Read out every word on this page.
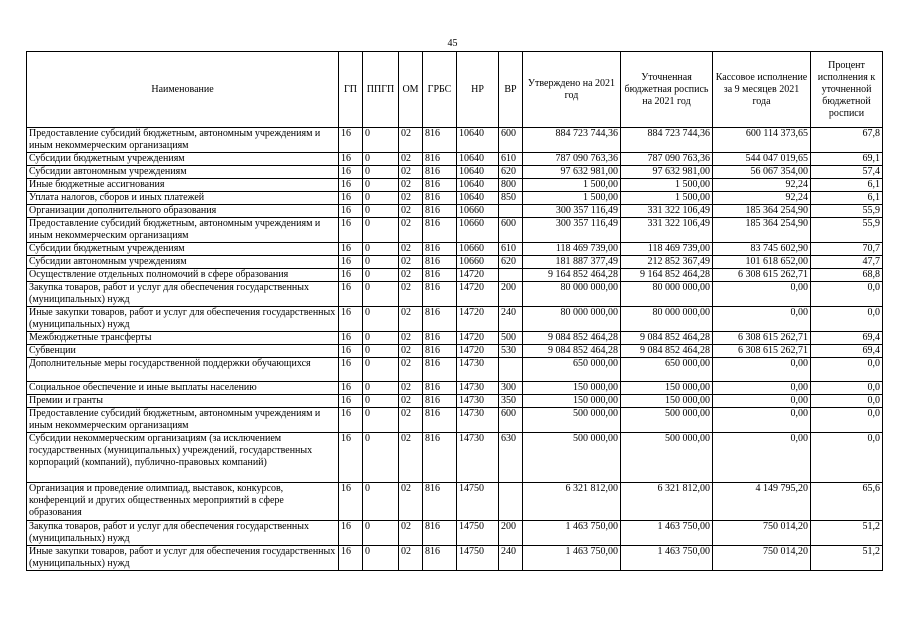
45
Наименование	ГП	ППГП	ОМ	ГРБС	НР	ВР	Утверждено на 2021 год	Уточненная бюджетная роспись на 2021 год	Кассовое исполнение за 9 месяцев 2021 года	Процент исполнения к уточненной бюджетной росписи
Предоставление субсидий бюджетным, автономным учреждениям и иным некоммерческим организациям	16	0	02	816	10640	600	884 723 744,36	884 723 744,36	600 114 373,65	67,8
Субсидии бюджетным учреждениям	16	0	02	816	10640	610	787 090 763,36	787 090 763,36	544 047 019,65	69,1
Субсидии автономным учреждениям	16	0	02	816	10640	620	97 632 981,00	97 632 981,00	56 067 354,00	57,4
Иные бюджетные ассигнования	16	0	02	816	10640	800	1 500,00	1 500,00	92,24	6,1
Уплата налогов, сборов и иных платежей	16	0	02	816	10640	850	1 500,00	1 500,00	92,24	6,1
Организации дополнительного образования	16	0	02	816	10660		300 357 116,49	331 322 106,49	185 364 254,90	55,9
Предоставление субсидий бюджетным, автономным учреждениям и иным некоммерческим организациям	16	0	02	816	10660	600	300 357 116,49	331 322 106,49	185 364 254,90	55,9
Субсидии бюджетным учреждениям	16	0	02	816	10660	610	118 469 739,00	118 469 739,00	83 745 602,90	70,7
Субсидии автономным учреждениям	16	0	02	816	10660	620	181 887 377,49	212 852 367,49	101 618 652,00	47,7
Осуществление отдельных полномочий в сфере образования	16	0	02	816	14720		9 164 852 464,28	9 164 852 464,28	6 308 615 262,71	68,8
Закупка товаров, работ и услуг для обеспечения государственных (муниципальных) нужд	16	0	02	816	14720	200	80 000 000,00	80 000 000,00	0,00	0,0
Иные закупки товаров, работ и услуг для обеспечения государственных (муниципальных) нужд	16	0	02	816	14720	240	80 000 000,00	80 000 000,00	0,00	0,0
Межбюджетные трансферты	16	0	02	816	14720	500	9 084 852 464,28	9 084 852 464,28	6 308 615 262,71	69,4
Субвенции	16	0	02	816	14720	530	9 084 852 464,28	9 084 852 464,28	6 308 615 262,71	69,4
Дополнительные меры государственной поддержки обучающихся	16	0	02	816	14730		650 000,00	650 000,00	0,00	0,0
Социальное обеспечение и иные выплаты населению	16	0	02	816	14730	300	150 000,00	150 000,00	0,00	0,0
Премии и гранты	16	0	02	816	14730	350	150 000,00	150 000,00	0,00	0,0
Предоставление субсидий бюджетным, автономным учреждениям и иным некоммерческим организациям	16	0	02	816	14730	600	500 000,00	500 000,00	0,00	0,0
Субсидии некоммерческим организациям (за исключением государственных (муниципальных) учреждений, государственных корпораций (компаний), публично-правовых компаний)	16	0	02	816	14730	630	500 000,00	500 000,00	0,00	0,0
Организация и проведение олимпиад, выставок, конкурсов, конференций и других общественных мероприятий в сфере образования	16	0	02	816	14750		6 321 812,00	6 321 812,00	4 149 795,20	65,6
Закупка товаров, работ и услуг для обеспечения государственных (муниципальных) нужд	16	0	02	816	14750	200	1 463 750,00	1 463 750,00	750 014,20	51,2
Иные закупки товаров, работ и услуг для обеспечения государственных (муниципальных) нужд	16	0	02	816	14750	240	1 463 750,00	1 463 750,00	750 014,20	51,2
